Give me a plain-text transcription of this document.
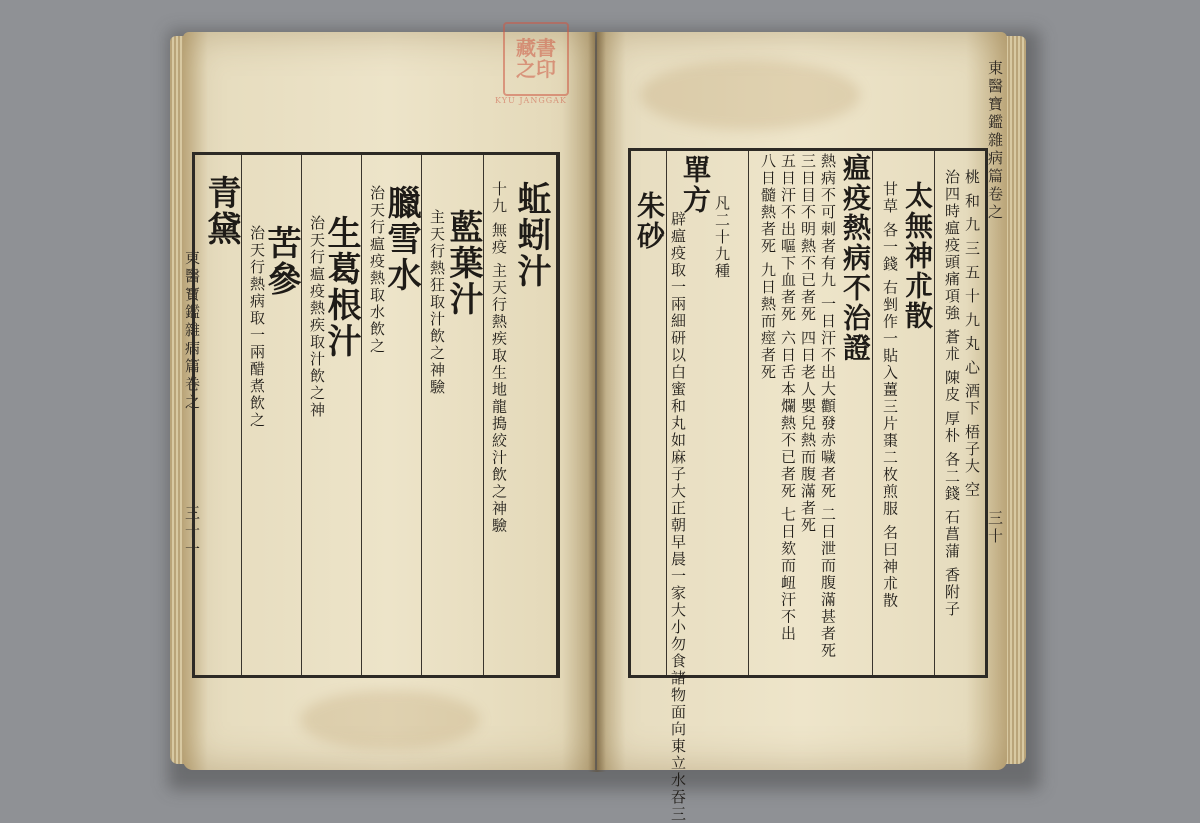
藏書之印
KYU JANGGAK
東醫寶鑑雜病篇卷之
三十一
蚯蚓汁
十九 無疫 主天行熱疾取生地龍搗絞汁飲之神驗
藍葉汁
主天行熱狂取汁飲之神驗
臘雪水
治天行瘟疫熱取水飲之
生葛根汁
治天行瘟疫熱疾取汁飲之神
苦參
治天行熱病取一兩醋煮飲之
青黛	東醫寶鑑雜病篇卷之
三十
桃 和 九 三 五 十 九 丸 心 酒下 梧子大 空
治四時瘟疫頭痛項強 蒼朮 陳皮 厚朴 各二錢 石菖蒲 香附子
太無神朮散
甘草 各一錢 右剉作一貼入薑三片棗二枚煎服 名曰神朮散
瘟疫熱病不治證
熱病不可刺者有九 一日汗不出大顴發赤噦者死 二日泄而腹滿甚者死
三日目不明熱不已者死 四日老人嬰兒熱而腹滿者死
五日汗不出嘔下血者死 六日舌本爛熱不已者死 七日欬而衄汗不出
八日髓熱者死 九日熱而痙者死
單方
凡二十九種
朱砂 辟瘟疫取一兩細研以白蜜和丸如麻子大正朝早晨一家大小勿食諸物面向東立水吞三
